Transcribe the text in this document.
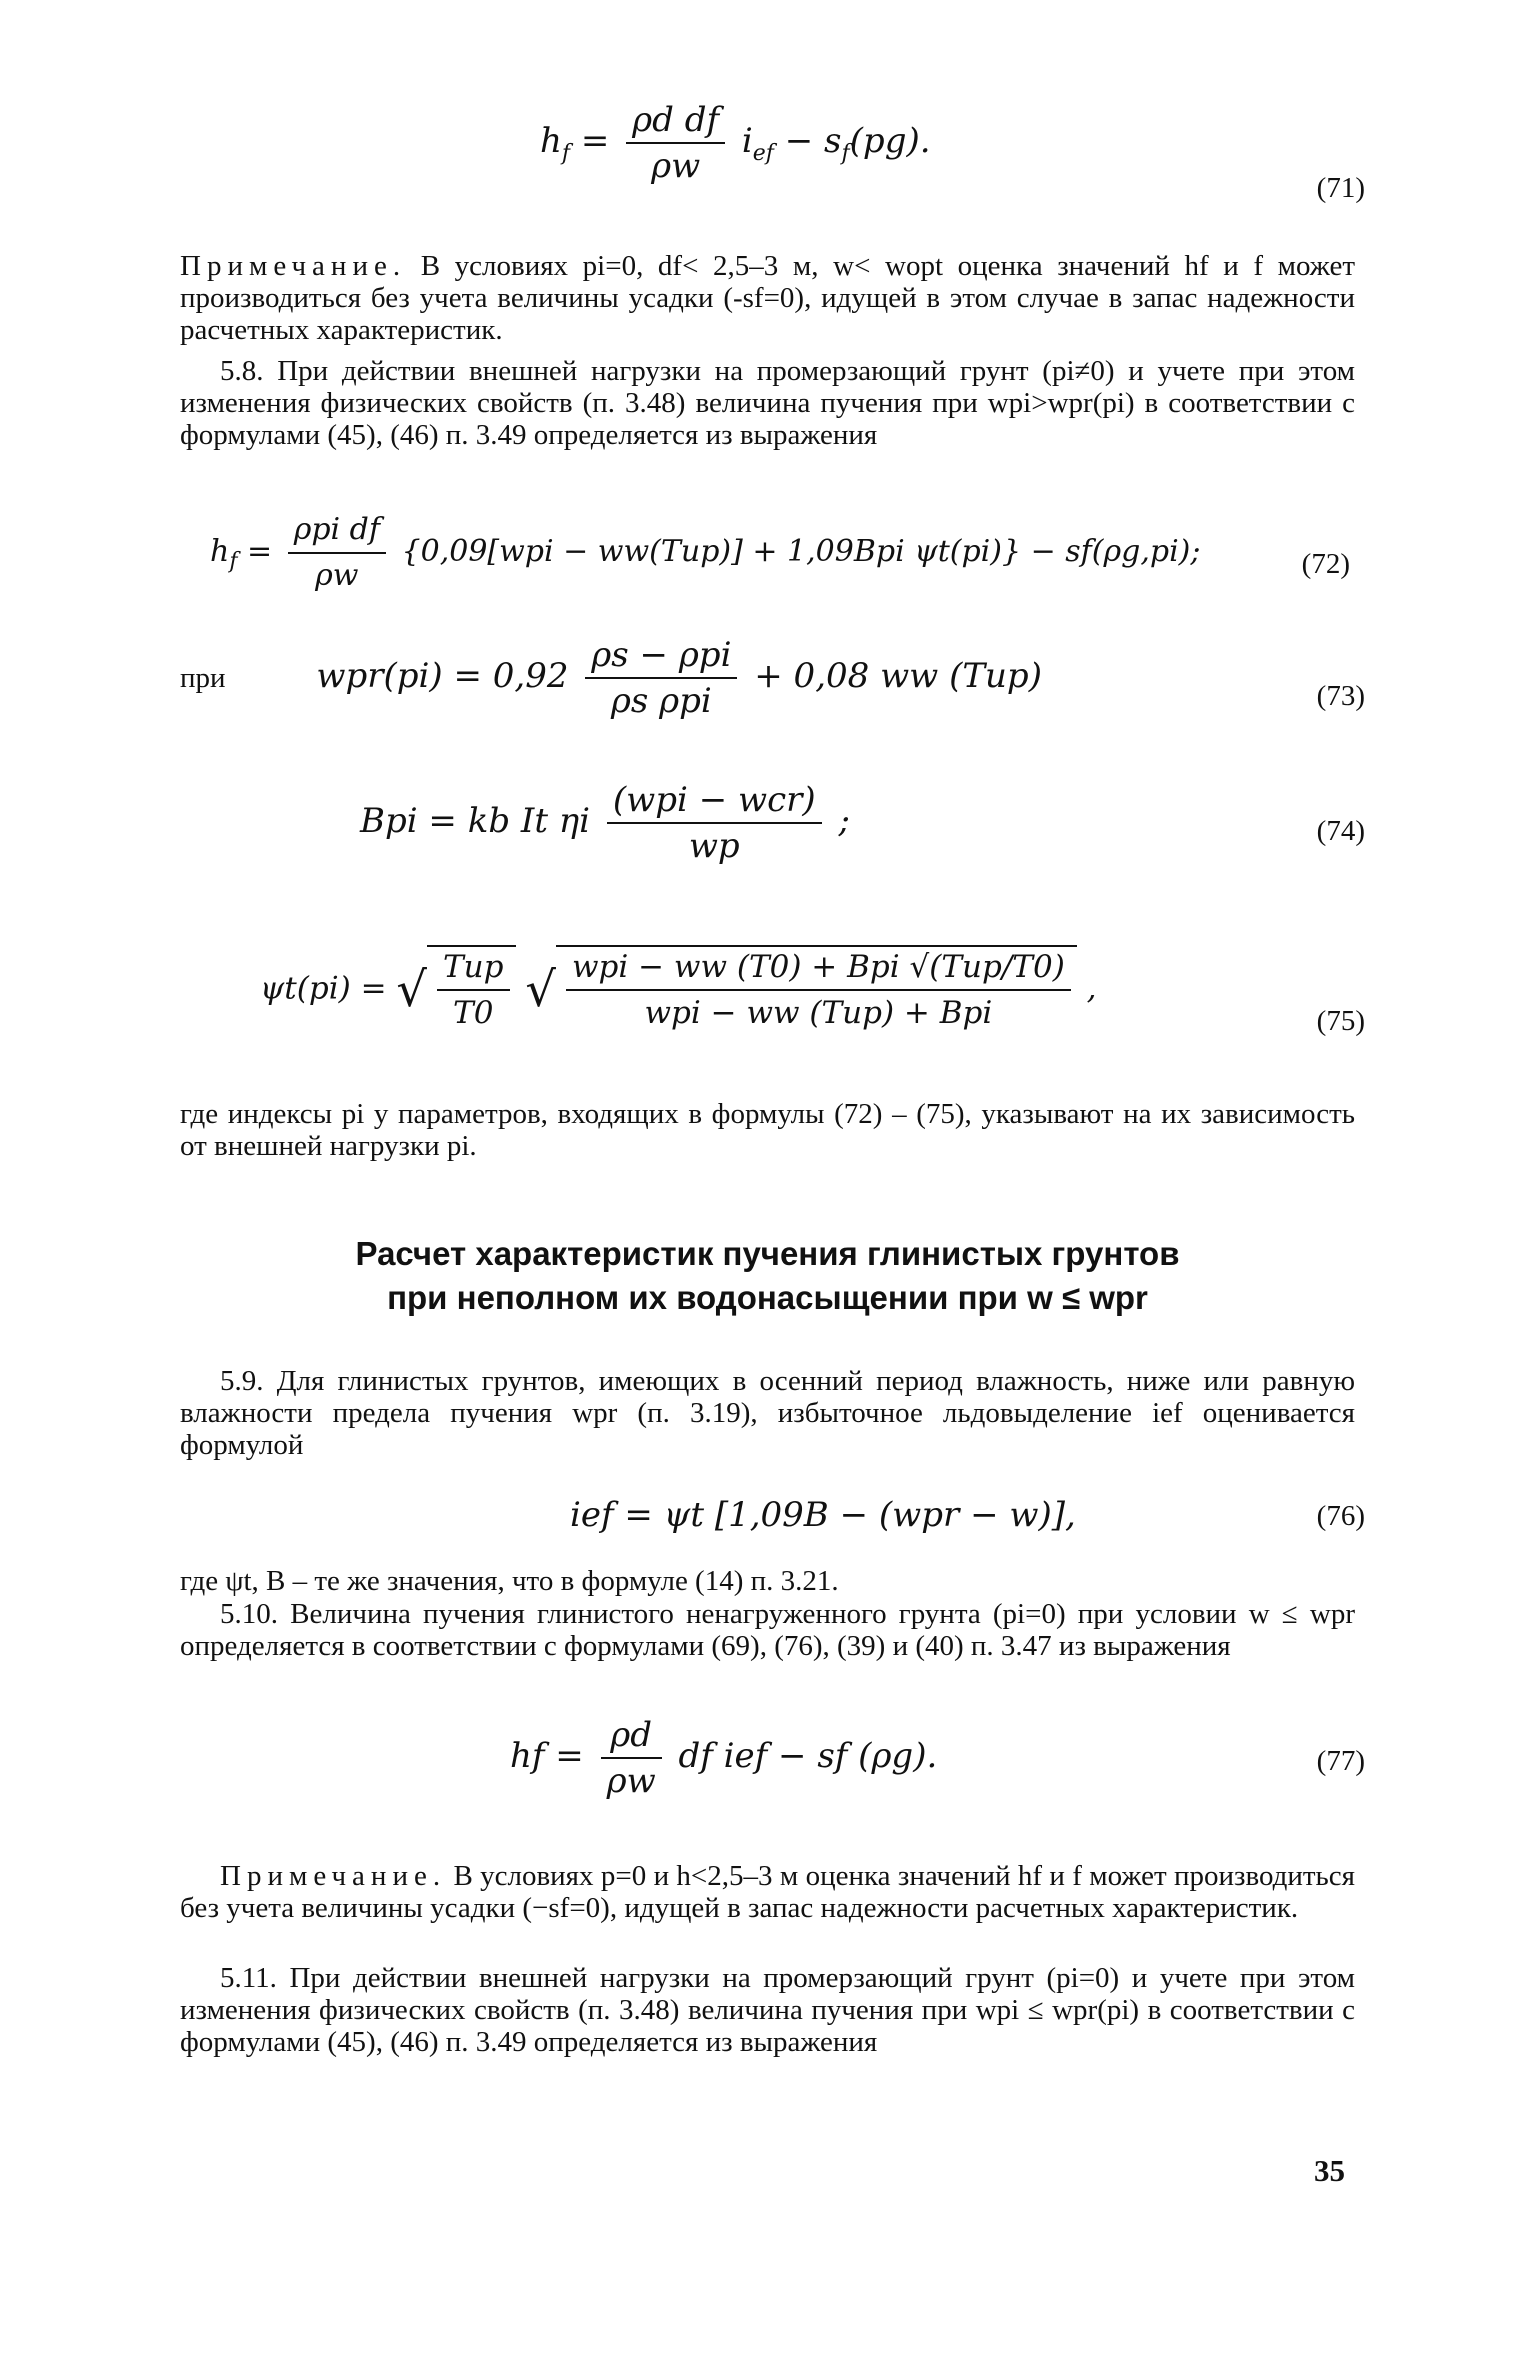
$h_f = \frac{\text{ρd df}}{\rho w} i_{ef} - s_f(pg)$.
(71)

Примечание. В условиях pi=0, df< 2,5–3 м, w< wopt оценка значений hf и f может производиться без учета величины усадки (-sf=0), идущей в этом случае в запас надежности расчетных характеристик.

5.8. При действии внешней нагрузки на промерзающий грунт (pi≠0) и учете при этом изменения физических свойств (п. 3.48) величина пучения при wpi>wpr(pi) в соответствии с формулами (45), (46) п. 3.49 определяется из выражения

$h_f = \frac{\text{ρpi df}}{\rho w} \{0,09[wpi - ww(Tup)] + 1,09Bpi$ ψt(pi)} − sf(ρg,pi);	(72)
при	$wpr(pi) = 0,92 \frac{\text{ρs − ρpi}}{\text{ρs ρpi}} + 0,08$ ww (Tup)	(73)
Bpi = kb It ηi $\frac{\text{(wpi − wcr)}}{wp}$ ;	(74)
ψt(pi) = √ $\frac{\text{Tup}}{T0}$ √ $\frac{\text{wpi − ww (T0) + Bpi √(Tup/T0)}}{\text{wpi − ww (Tup) + Bpi}}$ ,
(75)

где индексы pi у параметров, входящих в формулы (72) – (75), указывают на их зависимость от внешней нагрузки pi.

Расчет характеристик пучения глинистых грунтов
при неполном их водонасыщении при w ≤ wpr

5.9. Для глинистых грунтов, имеющих в осенний период влажность, ниже или равную влажности предела пучения wpr (п. 3.19), избыточное льдовыделение ief оценивается формулой

ief = ψt [1,09B − (wpr − w)],	(76)

где ψt, B – те же значения, что в формуле (14) п. 3.21.

5.10. Величина пучения глинистого ненагруженного грунта (pi=0) при условии w ≤ wpr определяется в соответствии с формулами (69), (76), (39) и (40) п. 3.47 из выражения

hf = $\frac{\rho d}{\rho w}$ df ief − sf (ρg).	(77)

Примечание. В условиях p=0 и h<2,5–3 м оценка значений hf и f может производиться без учета величины усадки (−sf=0), идущей в запас надежности расчетных характеристик.

5.11. При действии внешней нагрузки на промерзающий грунт (pi=0) и учете при этом изменения физических свойств (п. 3.48) величина пучения при wpi ≤ wpr(pi) в соответствии с формулами (45), (46) п. 3.49 определяется из выражения

35
